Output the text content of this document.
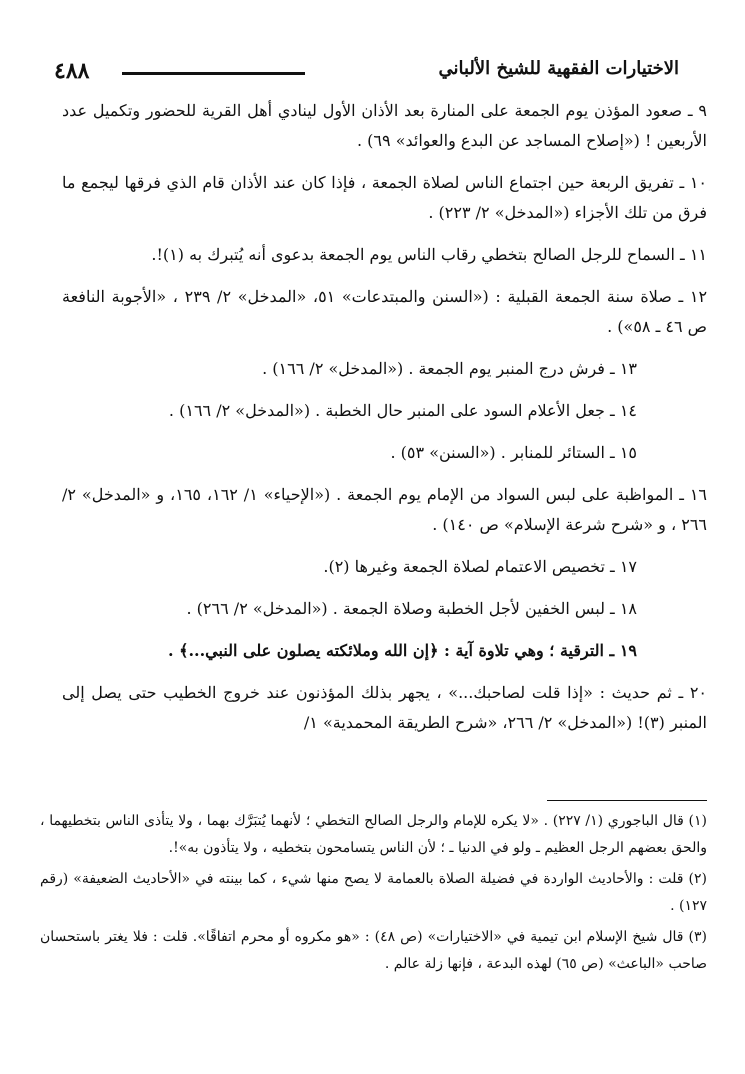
الاختيارات الفقهية للشيخ الألباني
٤٨٨

٩ ـ صعود المؤذن يوم الجمعة على المنارة بعد الأذان الأول لينادي أهل القرية للحضور وتكميل عدد الأربعين ! («إصلاح المساجد عن البدع والعوائد» ٦٩) .

١٠ ـ تفريق الربعة حين اجتماع الناس لصلاة الجمعة ، فإذا كان عند الأذان قام الذي فرقها ليجمع ما فرق من تلك الأجزاء («المدخل» ٢/ ٢٢٣) .

١١ ـ السماح للرجل الصالح بتخطي رقاب الناس يوم الجمعة بدعوى أنه يُتبرك به (١)!.

١٢ ـ صلاة سنة الجمعة القبلية : («السنن والمبتدعات» ٥١، «المدخل» ٢/ ٢٣٩ ، «الأجوبة النافعة ص ٤٦ ـ ٥٨») .

١٣ ـ فرش درج المنبر يوم الجمعة . («المدخل» ٢/ ١٦٦) .

١٤ ـ جعل الأعلام السود على المنبر حال الخطبة . («المدخل» ٢/ ١٦٦) .

١٥ ـ الستائر للمنابر . («السنن» ٥٣) .

١٦ ـ المواظبة على لبس السواد من الإمام يوم الجمعة . («الإحياء» ١/ ١٦٢، ١٦٥، و «المدخل» ٢/ ٢٦٦ ، و «شرح شرعة الإسلام» ص ١٤٠) .

١٧ ـ تخصيص الاعتمام لصلاة الجمعة وغيرها (٢).

١٨ ـ لبس الخفين لأجل الخطبة وصلاة الجمعة . («المدخل» ٢/ ٢٦٦) .

١٩ ـ الترقية ؛ وهي تلاوة آية : ﴿إن الله وملائكته يصلون على النبي...﴾ .

٢٠ ـ ثم حديث : «إذا قلت لصاحبك...» ، يجهر بذلك المؤذنون عند خروج الخطيب حتى يصل إلى المنبر (٣)! («المدخل» ٢/ ٢٦٦، «شرح الطريقة المحمدية» ١/

(١) قال الباجوري (١/ ٢٢٧) . «لا يكره للإمام والرجل الصالح التخطي ؛ لأنهما يُتبَرَّك بهما ، ولا يتأذى الناس بتخطيهما ، والحق بعضهم الرجل العظيم ـ ولو في الدنيا ـ ؛ لأن الناس يتسامحون بتخطيه ، ولا يتأذون به»!.

(٢) قلت : والأحاديث الواردة في فضيلة الصلاة بالعمامة لا يصح منها شيء ، كما بينته في «الأحاديث الضعيفة» (رقم ١٢٧) .

(٣) قال شيخ الإسلام ابن تيمية في «الاختيارات» (ص ٤٨) : «هو مكروه أو محرم اتفاقًا». قلت : فلا يغتر باستحسان صاحب «الباعث» (ص ٦٥) لهذه البدعة ، فإنها زلة عالم .
